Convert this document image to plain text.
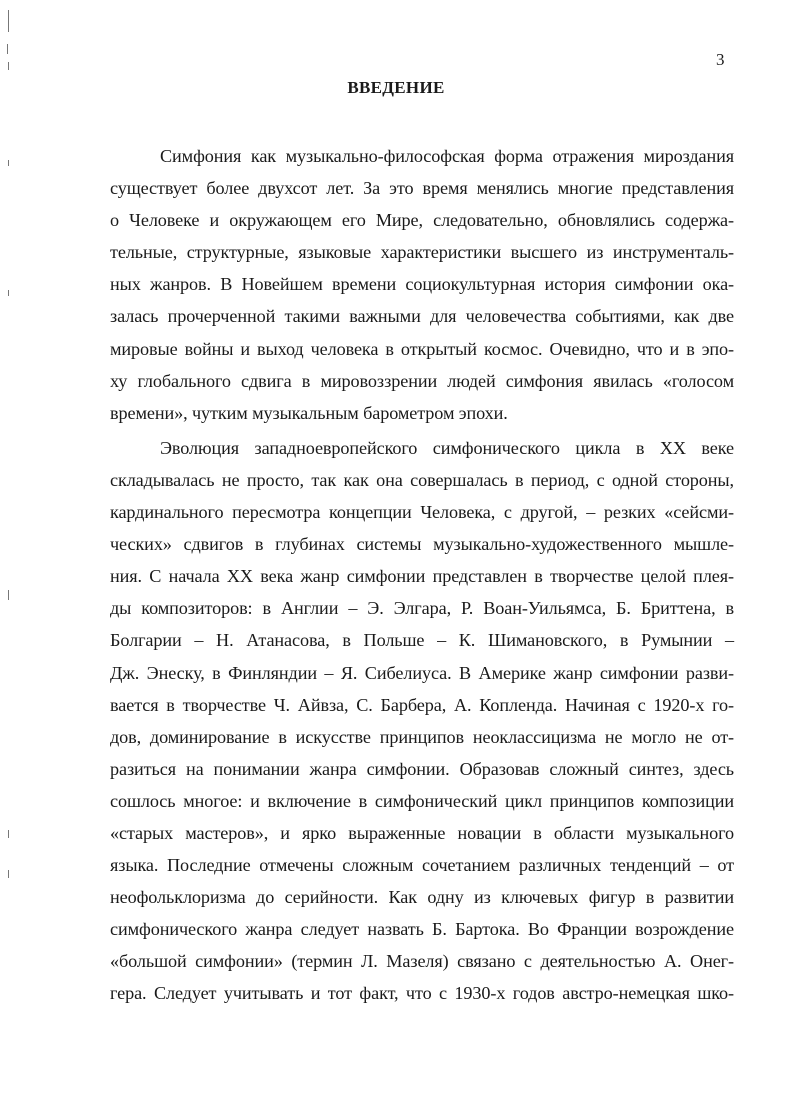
3
ВВЕДЕНИЕ
Симфония как музыкально-философская форма отражения мироздания
существует более двухсот лет. За это время менялись многие представления
о Человеке и окружающем его Мире, следовательно, обновлялись содержа-
тельные, структурные, языковые характеристики высшего из инструменталь-
ных жанров. В Новейшем времени социокультурная история симфонии ока-
залась прочерченной такими важными для человечества событиями, как две
мировые войны и выход человека в открытый космос. Очевидно, что и в эпо-
ху глобального сдвига в мировоззрении людей симфония явилась «голосом
времени», чутким музыкальным барометром эпохи.
Эволюция западноевропейского симфонического цикла в XX веке
складывалась не просто, так как она совершалась в период, с одной стороны,
кардинального пересмотра концепции Человека, с другой, – резких «сейсми-
ческих» сдвигов в глубинах системы музыкально-художественного мышле-
ния. С начала XX века жанр симфонии представлен в творчестве целой плея-
ды композиторов: в Англии – Э. Элгара, Р. Воан-Уильямса, Б. Бриттена, в
Болгарии – Н. Атанасова, в Польше – К. Шимановского, в Румынии –
Дж. Энеску, в Финляндии – Я. Сибелиуса. В Америке жанр симфонии разви-
вается в творчестве Ч. Айвза, С. Барбера, А. Копленда. Начиная с 1920-х го-
дов, доминирование в искусстве принципов неоклассицизма не могло не от-
разиться на понимании жанра симфонии. Образовав сложный синтез, здесь
сошлось многое: и включение в симфонический цикл принципов композиции
«старых мастеров», и ярко выраженные новации в области музыкального
языка. Последние отмечены сложным сочетанием различных тенденций – от
неофольклоризма до серийности. Как одну из ключевых фигур в развитии
симфонического жанра следует назвать Б. Бартока. Во Франции возрождение
«большой симфонии» (термин Л. Мазеля) связано с деятельностью А. Онег-
гера. Следует учитывать и тот факт, что с 1930-х годов австро-немецкая шко-
